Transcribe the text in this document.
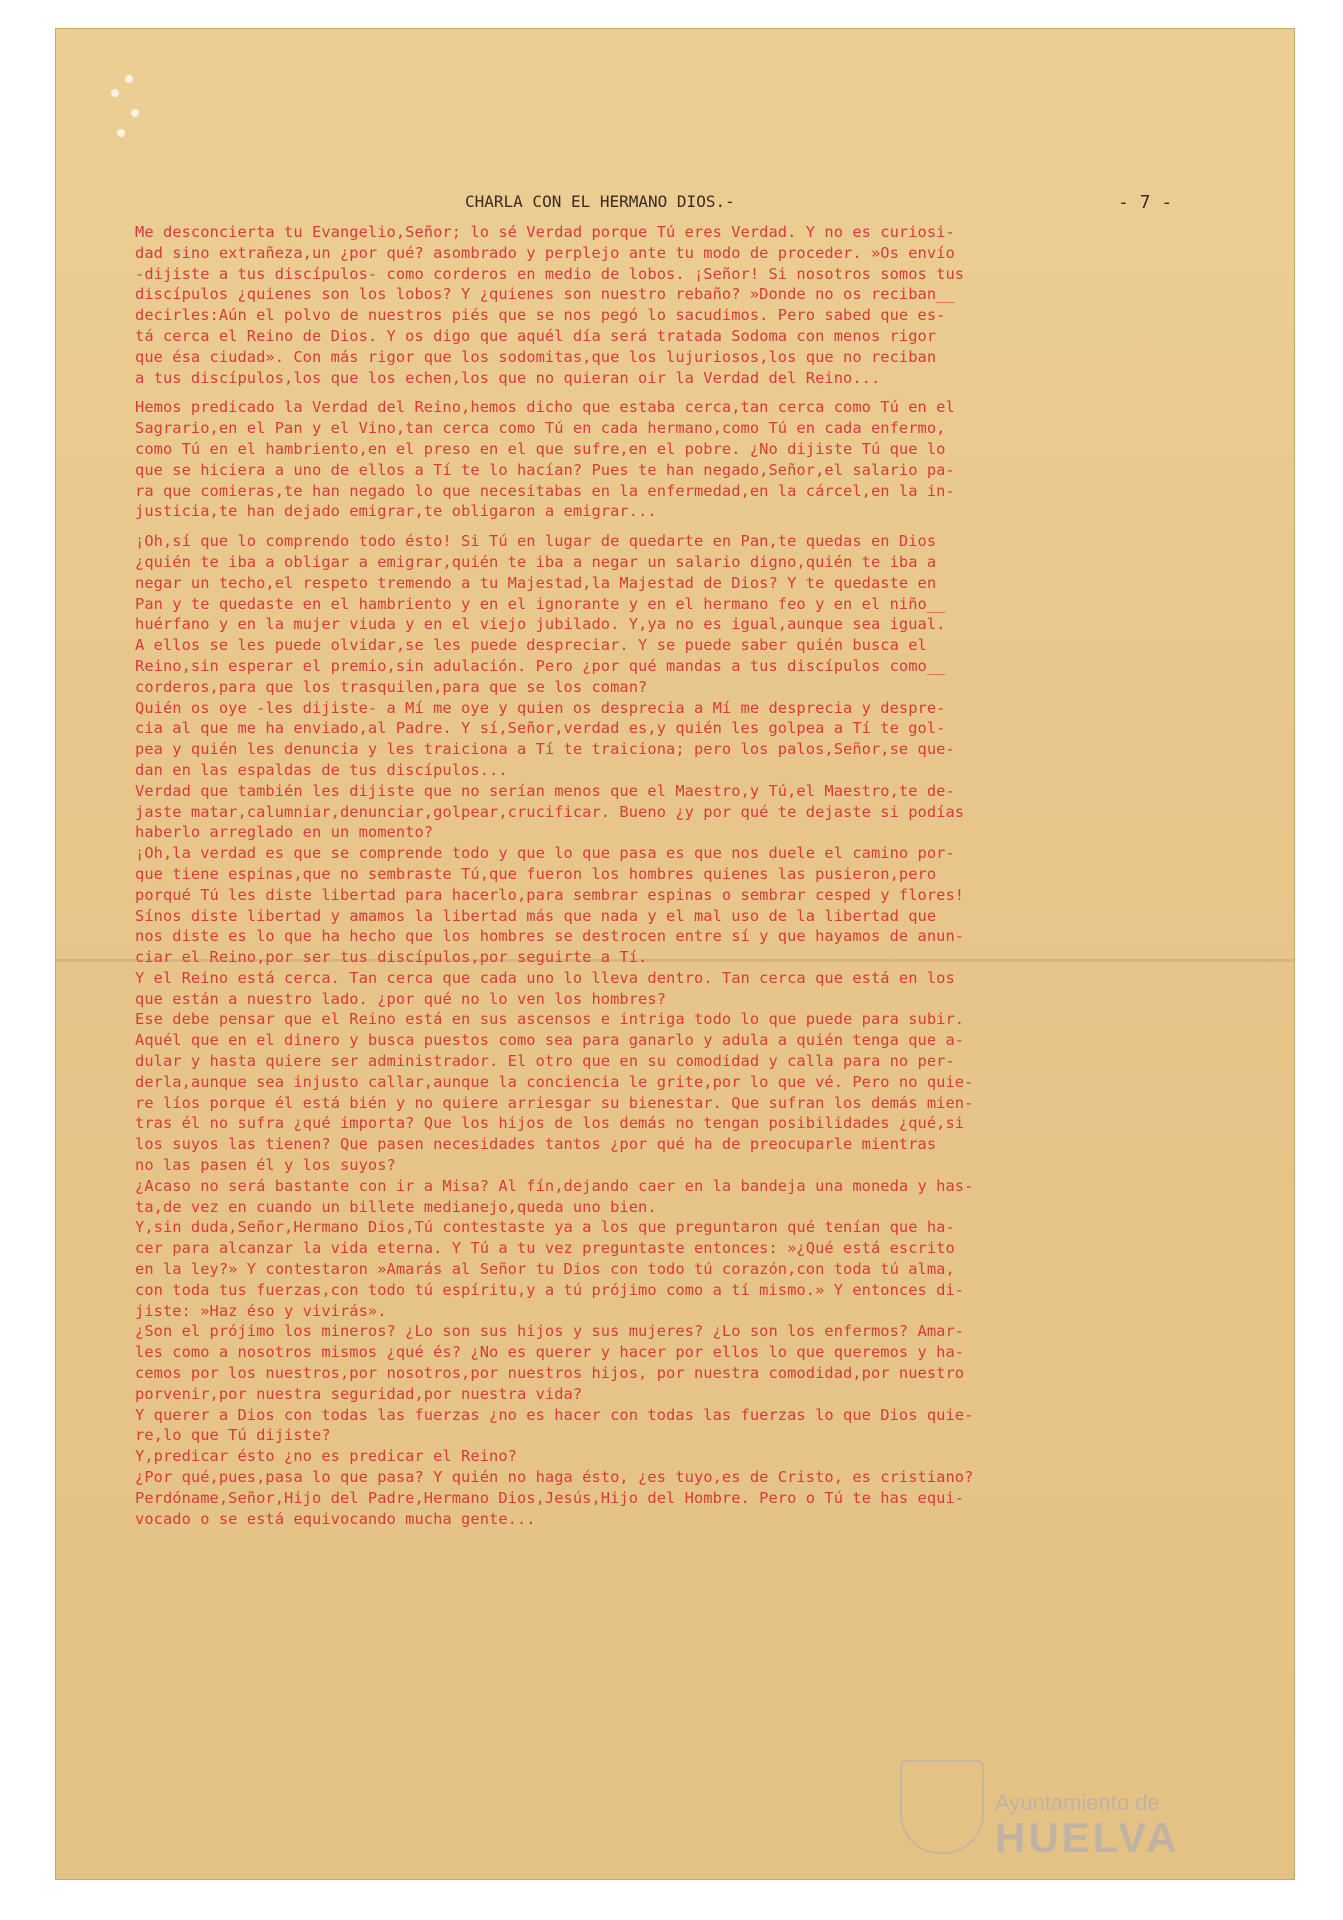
CHARLA CON EL HERMANO DIOS.-	- 7 -
Me desconcierta tu Evangelio,Señor; lo sé Verdad porque Tú eres Verdad. Y no es curiosi-
dad sino extrañeza,un ¿por qué? asombrado y perplejo ante tu modo de proceder. »Os envío
-dijiste a tus discípulos- como corderos en medio de lobos. ¡Señor! Si nosotros somos tus
discípulos ¿quienes son los lobos? Y ¿quienes son nuestro rebaño? »Donde no os reciban__
decirles:Aún el polvo de nuestros piés que se nos pegó lo sacudimos. Pero sabed que es-
tá cerca el Reino de Dios. Y os digo que aquél día será tratada Sodoma con menos rigor
que ésa ciudad». Con más rigor que los sodomitas,que los lujuriosos,los que no reciban
a tus discípulos,los que los echen,los que no quieran oir la Verdad del Reino...
Hemos predicado la Verdad del Reino,hemos dicho que estaba cerca,tan cerca como Tú en el
Sagrario,en el Pan y el Vino,tan cerca como Tú en cada hermano,como Tú en cada enfermo,
como Tú en el hambriento,en el preso en el que sufre,en el pobre. ¿No dijiste Tú que lo
que se hiciera a uno de ellos a Tí te lo hacían? Pues te han negado,Señor,el salario pa-
ra que comieras,te han negado lo que necesitabas en la enfermedad,en la cárcel,en la in-
justicia,te han dejado emigrar,te obligaron a emigrar...
¡Oh,sí que lo comprendo todo ésto! Si Tú en lugar de quedarte en Pan,te quedas en Dios
¿quién te iba a obligar a emigrar,quién te iba a negar un salario digno,quién te iba a
negar un techo,el respeto tremendo a tu Majestad,la Majestad de Dios? Y te quedaste en
Pan y te quedaste en el hambriento y en el ignorante y en el hermano feo y en el niño__
huérfano y en la mujer viuda y en el viejo jubilado. Y,ya no es igual,aunque sea igual.
A ellos se les puede olvidar,se les puede despreciar. Y se puede saber quién busca el
Reino,sin esperar el premio,sin adulación. Pero ¿por qué mandas a tus discípulos como__
corderos,para que los trasquilen,para que se los coman?
Quién os oye -les dijiste- a Mí me oye y quien os desprecia a Mí me desprecia y despre-
cia al que me ha enviado,al Padre. Y sí,Señor,verdad es,y quién les golpea a Tí te gol-
pea y quién les denuncia y les traiciona a Tí te traiciona; pero los palos,Señor,se que-
dan en las espaldas de tus discípulos...
Verdad que también les dijiste que no serían menos que el Maestro,y Tú,el Maestro,te de-
jaste matar,calumniar,denunciar,golpear,crucificar. Bueno ¿y por qué te dejaste si podías
haberlo arreglado en un momento?
¡Oh,la verdad es que se comprende todo y que lo que pasa es que nos duele el camino por-
que tiene espinas,que no sembraste Tú,que fueron los hombres quienes las pusieron,pero
porqué Tú les diste libertad para hacerlo,para sembrar espinas o sembrar cesped y flores!
Sínos diste libertad y amamos la libertad más que nada y el mal uso de la libertad que
nos diste es lo que ha hecho que los hombres se destrocen entre sí y que hayamos de anun-
ciar el Reino,por ser tus discípulos,por seguirte a Tí.
Y el Reino está cerca. Tan cerca que cada uno lo lleva dentro. Tan cerca que está en los
que están a nuestro lado. ¿por qué no lo ven los hombres?
Ese debe pensar que el Reino está en sus ascensos e intriga todo lo que puede para subir.
Aquél que en el dinero y busca puestos como sea para ganarlo y adula a quién tenga que a-
dular y hasta quiere ser administrador. El otro que en su comodidad y calla para no per-
derla,aunque sea injusto callar,aunque la conciencia le grite,por lo que vé. Pero no quie-
re líos porque él está bién y no quiere arriesgar su bienestar. Que sufran los demás mien-
tras él no sufra ¿qué importa? Que los hijos de los demás no tengan posibilidades ¿qué,si
los suyos las tienen? Que pasen necesidades tantos ¿por qué ha de preocuparle mientras
no las pasen él y los suyos?
¿Acaso no será bastante con ir a Misa? Al fín,dejando caer en la bandeja una moneda y has-
ta,de vez en cuando un billete medianejo,queda uno bien.
Y,sin duda,Señor,Hermano Dios,Tú contestaste ya a los que preguntaron qué tenían que ha-
cer para alcanzar la vida eterna. Y Tú a tu vez preguntaste entonces: »¿Qué está escrito
en la ley?» Y contestaron »Amarás al Señor tu Dios con todo tú corazón,con toda tú alma,
con toda tus fuerzas,con todo tú espíritu,y a tú prójimo como a tí mismo.» Y entonces di-
jiste: »Haz éso y vivirás».
¿Son el prójimo los mineros? ¿Lo son sus hijos y sus mujeres? ¿Lo son los enfermos? Amar-
les como a nosotros mismos ¿qué és? ¿No es querer y hacer por ellos lo que queremos y ha-
cemos por los nuestros,por nosotros,por nuestros hijos, por nuestra comodidad,por nuestro
porvenir,por nuestra seguridad,por nuestra vida?
Y querer a Dios con todas las fuerzas ¿no es hacer con todas las fuerzas lo que Dios quie-
re,lo que Tú dijiste?
Y,predicar ésto ¿no es predicar el Reino?
¿Por qué,pues,pasa lo que pasa? Y quién no haga ésto, ¿es tuyo,es de Cristo, es cristiano?
Perdóname,Señor,Hijo del Padre,Hermano Dios,Jesús,Hijo del Hombre. Pero o Tú te has equi-
vocado o se está equivocando mucha gente...
Ayuntamiento de
HUELVA
